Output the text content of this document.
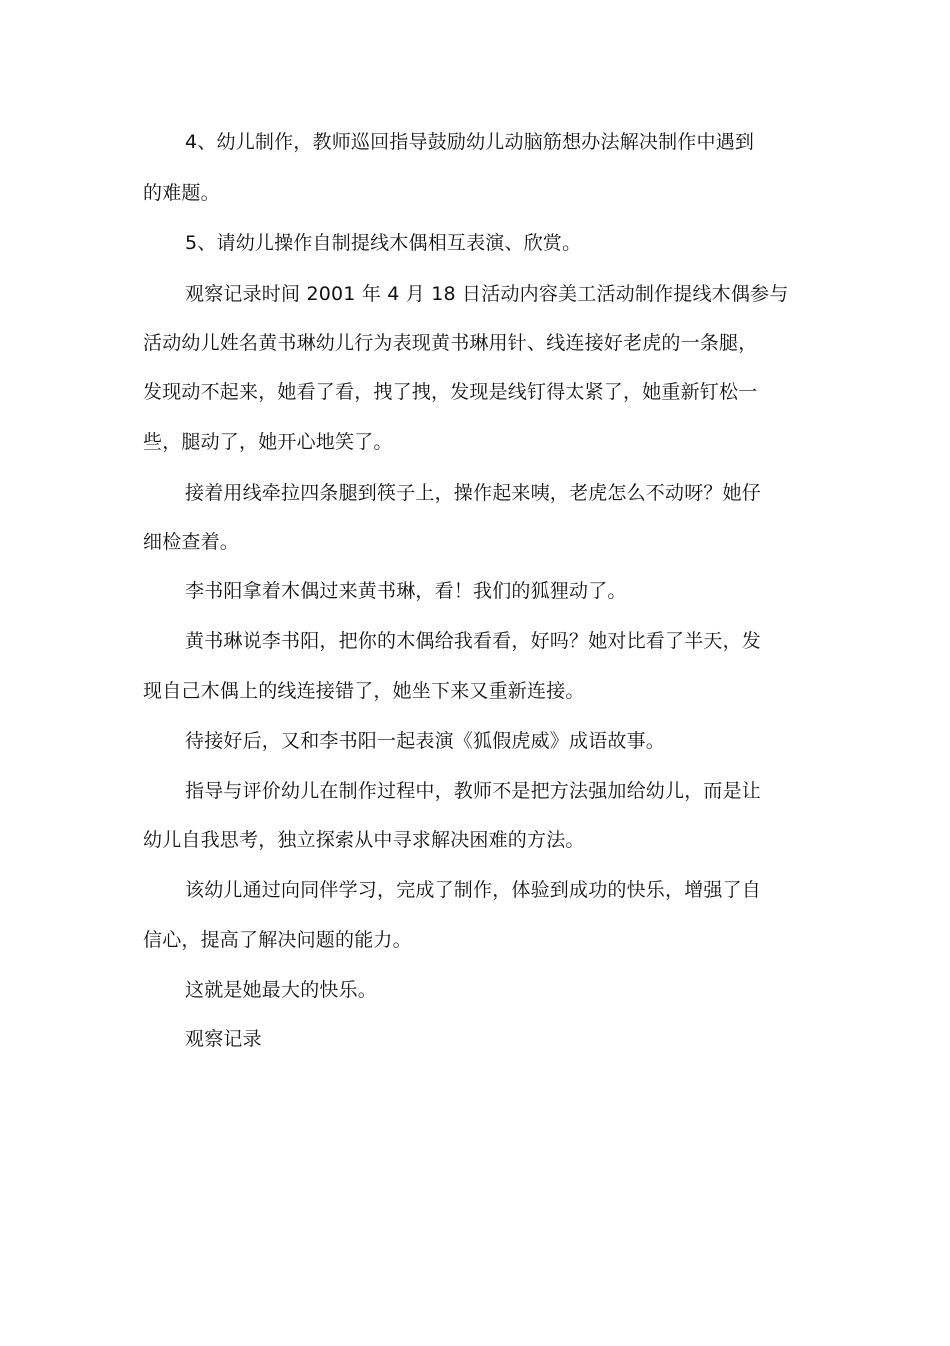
4、幼儿制作，教师巡回指导鼓励幼儿动脑筋想办法解决制作中遇到
的难题。
5、请幼儿操作自制提线木偶相互表演、欣赏。
观察记录时间 2001 年 4 月 18 日活动内容美工活动制作提线木偶参与
活动幼儿姓名黄书琳幼儿行为表现黄书琳用针、线连接好老虎的一条腿，
发现动不起来，她看了看，拽了拽，发现是线钉得太紧了，她重新钉松一
些，腿动了，她开心地笑了。
接着用线牵拉四条腿到筷子上，操作起来咦，老虎怎么不动呀？她仔
细检查着。
李书阳拿着木偶过来黄书琳，看！我们的狐狸动了。
黄书琳说李书阳，把你的木偶给我看看，好吗？她对比看了半天，发
现自己木偶上的线连接错了，她坐下来又重新连接。
待接好后，又和李书阳一起表演《狐假虎威》成语故事。
指导与评价幼儿在制作过程中，教师不是把方法强加给幼儿，而是让
幼儿自我思考，独立探索从中寻求解决困难的方法。
该幼儿通过向同伴学习，完成了制作，体验到成功的快乐，增强了自
信心，提高了解决问题的能力。
这就是她最大的快乐。
观察记录
